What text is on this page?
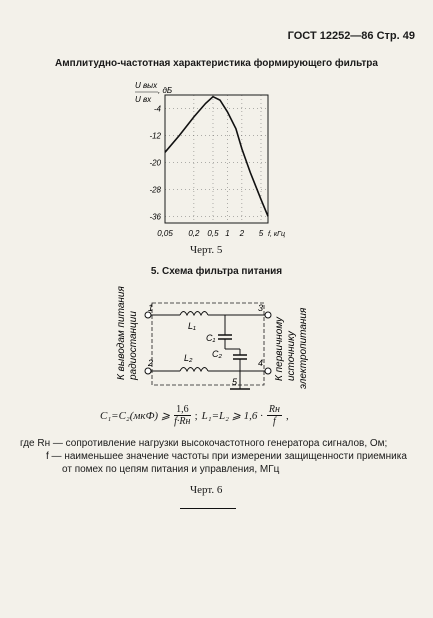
ГОСТ 12252—86 Стр. 49
Амплитудно-частотная характеристика формирующего фильтра
U вых
, дБ
U вх
-4
-12
-20
-28
-36
0,05 0,2 0,5 1 2 5 f, кГц
Черт. 5
5. Схема фильтра питания
К выводам питания радиостанции
1
2
3
4
L₁
L₂
C₁
C₂
5
К первичному источнику электропитания
C₁=C₂(мкФ) ⩾
1,6
f·Rн ; L₁=L₂ ⩾ 1,6 ·
Rн
f ,
где Rн — сопротивление нагрузки высокочастотного генератора сигналов, Ом;
f — наименьшее значение частоты при измерении защищенности приемника
от помех по цепям питания и управления, МГц
Черт. 6
